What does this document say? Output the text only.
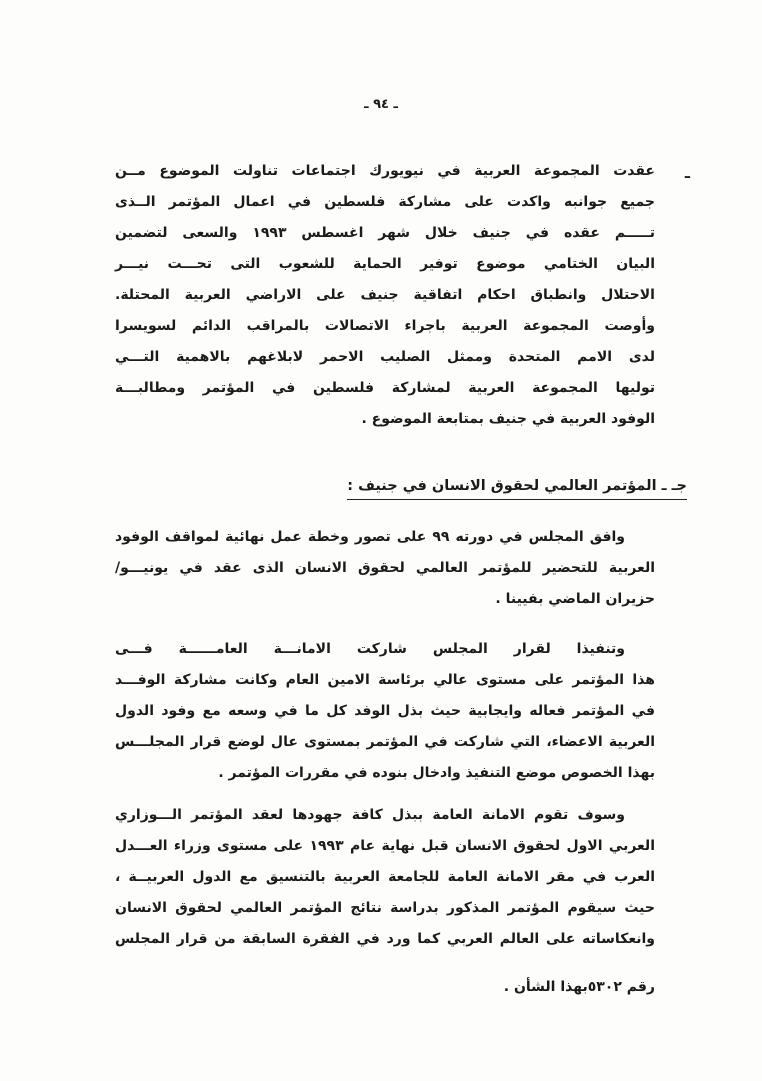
ـ ٩٤ ـ
ـ
عقدت المجموعة العربية في نيويورك اجتماعات تناولت الموضوع مــن
جميع جوانبه واكدت على مشاركة فلسطين في اعمال المؤتمر الــذى
تـــــم عقده في جنيف خلال شهر اغسطس ١٩٩٣ والسعى لتضمين
البيان الختامي موضوع توفير الحماية للشعوب التى تحـــت نيـــر
الاحتلال وانطباق احكام اتفاقية جنيف على الاراضي العربية المحتلة.
وأوصت المجموعة العربية باجراء الاتصالات بالمراقب الدائم لسويسرا
لدى الامم المتحدة وممثل الصليب الاحمر لابلاغهم بالاهمية التـــي
توليها المجموعة العربية لمشاركة فلسطين في المؤتمر ومطالبـــة
الوفود العربية في جنيف بمتابعة الموضوع .
جـ ـ المؤتمر العالمي لحقوق الانسان في جنيف :
وافق المجلس في دورته ٩٩ على تصور وخطة عمل نهائية لمواقف الوفود
العربية للتحضير للمؤتمر العالمي لحقوق الانسان الذى عقد في يونيـــو/
حزيران الماضي بفيينا .
وتنفيذا لقرار المجلس شاركت الامانـــة العامــــــة فـــى
هذا المؤتمر على مستوى عالي برئاسة الامين العام وكانت مشاركة الوفـــد
في المؤتمر فعاله وايجابية حيث بذل الوفد كل ما في وسعه مع وفود الدول
العربية الاعضاء، التي شاركت في المؤتمر بمستوى عال لوضع قرار المجلـــس
بهذا الخصوص موضع التنفيذ وادخال بنوده في مقررات المؤتمر .
وسوف تقوم الامانة العامة ببذل كافة جهودها لعقد المؤتمر الـــوزاري
العربي الاول لحقوق الانسان قبل نهاية عام ١٩٩٣ على مستوى وزراء العـــدل
العرب في مقر الامانة العامة للجامعة العربية بالتنسيق مع الدول العربيــة ،
حيث سيقوم المؤتمر المذكور بدراسة نتائج المؤتمر العالمي لحقوق الانسان
وانعكاساته على العالم العربي كما ورد في الفقرة السابقة من قرار المجلس
رقم ٥٣٠٢بهذا الشأن .
